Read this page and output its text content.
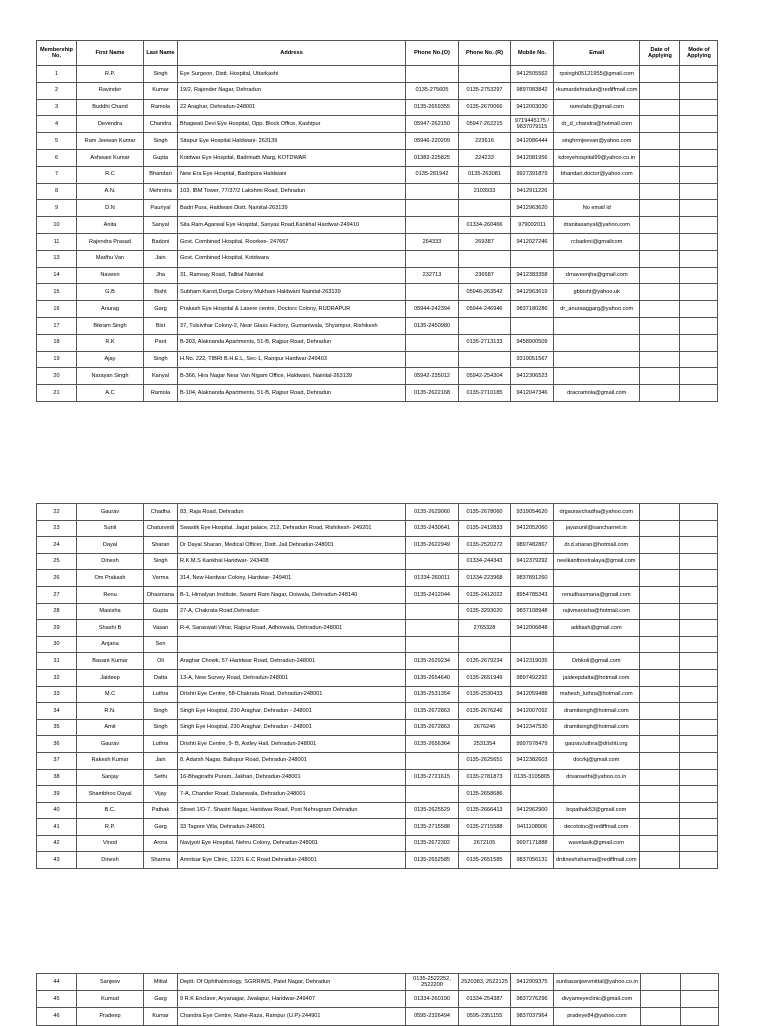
Membership No.	First Name	Last Name	Address	Phone No.(O)	Phone No. (R)	Mobile No.	Email	Date of Applying	Mode of Applying
1	R.P.	Singh	Eye Surgeon, Distt. Hospital, Uttarkashi			9412505562	rpsingh05121955@gmail.com		
2	Ravinder	Kumar	19/2, Rajender Nagar, Dehradun	0135-275605	0135-2753297	9897083842	rkumardehradun@rediffmail.com		
3	Buddhi Chand	Ramola	22 Araghar, Dehradun-248001	0135-2659355	0135-2670066	9412003030	ramolabc@gmail.com		
4	Devendra	Chandra	Bhagwati Devi Eye Hospital, Opp. Block Office, Kashipur	05947-262150	05947-262215	9719445175 / 9837079115	dr_d_chandra@hotmail.com		
5	Ram Jeewan Kumar	Singh	Sitapur Eye Hospital Haldwani- 263139	05946-220209	223616	9412086444	singhrmjeevan@yahoo.com		
6	Ashwani Kumar	Gupta	Kotdwar Eye Hospital, Badrinath Marg, KOTDWAR	01382-225825	224233	9412081956	kdreyehospital99@yahoo.co.in		
7	R.C	Bhandari	New Era Eye Hospital, Badripura Haldwani	0135-281942	0135-263081	9927391879	bhandari.doctor@yahoo.com		
8	A.N.	Mehrotra	103, IBM Tower, 77/37/2 Lakshmi Road, Dehradun		2103933	9412911226			
9	D.N	Pauriyal	Badri Pura, Haldwani Distt. Nainital-263139			9412963620	No email id		
10	Anita	Sanyal	Sita Ram Agarwal Eye Hospital, Sanyas Road,Kankhal Hardwar-249410		01334-260466	979002011	dranitasanyal@yahoo.com		
11	Rajendra Prasad	Badoni	Govt. Combined Hospital, Roorkee- 247667	264333	269387	9412027246	rcbadoni@gmailcom		
13	Madhu Van	Jain	Govt. Combined Hospital, Kotdwara						
14	Naveen	Jha	31, Ramsay Road, Tallital Nainital	232713	236587	9412383358	drnaveenjha@gmail.com		
15	G.B	Bisht	Subham Karoti,Durga Colony Mukhani Haldwani Nainital-263139		05946-263542	9412963619	gbbisht@yahoo.uk		
16	Anurag	Garg	Prakash Eye Hospital & Lasere centre, Doctors Colony, RUDRAPUR	05944-242394	05944-246946	9837180286	dr_anuraaggarg@yahoo.com		
17	Bikram Singh	Bist	37, Tulsivihar Colony-2, Near Glass Factory, Gumaniwala, Shyampur, Rishikesh	0135-2450980					
18	R.K	Pant	B-303, Alaknanda Apartments, 51-B, Rajpur Road, Dehradun		0135-2713133	9458900509			
19	Ajay	Singh	H.No. 222, TIBRI B.H.E.L, Sec-1, Ranipur Hardwar-249403			9319051567			
20	Narayan Singh	Kanyal	B-366, Hira Nagar Near Van Nigam Office, Haldwani, Nainital-263139	05942-235012	05942-254304	9412306523			
21	A.C	Ramola	B-104, Alaknanda Apartments, 51-B, Rajpur Road, Dehradun	0135-2622168	0135-2710185	9412047346	dracramola@gmail.com		
22	Gaurav	Chadha	83, Raja Road, Dehradun	0135-2629060	0135-2678060	9319054620	drgauravchadha@yahoo.com		
23	Sunil	Chaturvedi	Swastik Eye Hospital, Jagat palace, 212, Dehradun Road, Rishikesh- 249201	0135-2430641	0135-2412833	9412052060	jayasunil@sancharnet.in		
24	Dayal	Sharan	Dr Dayal Sharan, Medical Officer, Distt. Jail Dehradun-248001	0135-2622949	0135-2520272	9897482867	dr.d.sharan@hotmail.com		
25	Dinesh	Singh	R.K.M.S Kankhal Haridwar- 243408		01334-244343	9412379292	neelkanthnetralaya@gmail.com		
26	Om Prakash	Verma	314, New Hardwar Colony, Hardwar- 249401	01334-260011	01334-223968	9837891260			
27	Renu	Dhasmana	B-1, Himalyan Institute, Swami Ram Nagar, Doiwala, Dehradun-248140	0135-2412044	0135-2412022	8954785343	renudhasmana@gmail.com		
28	Manisha	Gupta	27-A, Chakrata Road,Dehradun		0135-3293020	9837108948	rajivmanisha@hotmail.com		
29	Shashi B	Vasan	R-4, Saraswati Vihar, Rajpur Road, Adhoiwala, Dehradun-248001		2765328	9412006848	addiash@gmail.com		
30	Anjana	Sen							
31	Basant Kumar	Oli	Araghar Chowk, 57-Haridwar Road, Dehradun-248001	0135-2629234	0135-2679234	9412319035	Drbkoli@gmail.com		
32	Jaideep	Datta	13-A, New Survey Road, Dehradun-248001	0135-2654640	0135-2651949	9897492292	jaideepdatta@hotmail.com		
33	M.C	Luthra	Drishti Eye Centre, 58-Chakrata Road, Dehradun-248001	0135-2531354	0135-2530433	9412059488	mahesh_luthra@hotmail.com		
34	R.N.	Singh	Singh Eye Hospital, 230 Araghar, Dehradun - 248001	0135-2672863	0135-2676246	9412007092	dramitsingh@hotmail.com		
35	Amit	Singh	Singh Eye Hospital, 230 Araghar, Dehradun - 248001	0135-2672863	2676246	9412347530	dramitsingh@hotmail.com		
36	Gaurav	Luthra	Drishti Eye Centre, 9- B, Astley Hall, Dehradun-248001	0135-2656364	2531354	9997978479	gaurav.luthra@drishti.org		
37	Rakesh Kumar	Jain	8, Adarsh Nagar, Ballupur Road, Dehradun-248001		0135-2625651	9412382603	docrkj@gmail.com		
38	Sanjay	Sethi	16-Bhagirathi Puram, Jakhan, Dehradun-248001	0135-2721615	0135-2781873	0135-3105805	drsansethi@yahoo.co.in		
39	Shambhoo Dayal	Vijay	7-A, Chander Road, Dalanwala, Dehradun-248001		0135-2658686				
40	B.C.	Pathak	Street 1/D-7, Shastri Nagar, Haridwar Road, Post Nehrugram Dehradun	0135-2625529	0135-2666413	9412962900	bcpathak53@gmail.com		
41	R.P.	Garg	33 Tagore Villa, Dehradun-248001	0135-2715588	0135-2715588	9411108906	decotoinc@rediffmail.com		
42	Vinod	Arora	Navjyoti Eye Hospital, Nehru Colony, Dehradun-248001	0135-2672302	2672105	9997171888	wavelasik@gmail.com		
43	Dinesh	Sharma	Amritsar Eye Clinic, 122/1 E.C Road Dehradun-248001	0135-2652585	0135-2651585	9837056131	drdineshsharma@rediffmail.com		
44	Sanjeev	Mittal	Deptt. Of Ophthalmology, SGRRIMS, Patel Nagar, Dehradun	0135-2522252, 2522200	2520383, 2522125	9412909375	sunitasanjeevmittal@yahoo.co.in		
45	Kumud	Garg	9 R.K Enclave, Aryanagar, Jwalapur, Haridwar-249407	01334-260190	01334-254387	9837276296	divyameyeclinic@gmail.com		
46	Pradeep	Kumar	Chandra Eye Centre, Rahe-Raza, Rampur (U.P)-244901	0595-2326494	0595-2351155	9837037964	pradeye84@yahoo.com		
